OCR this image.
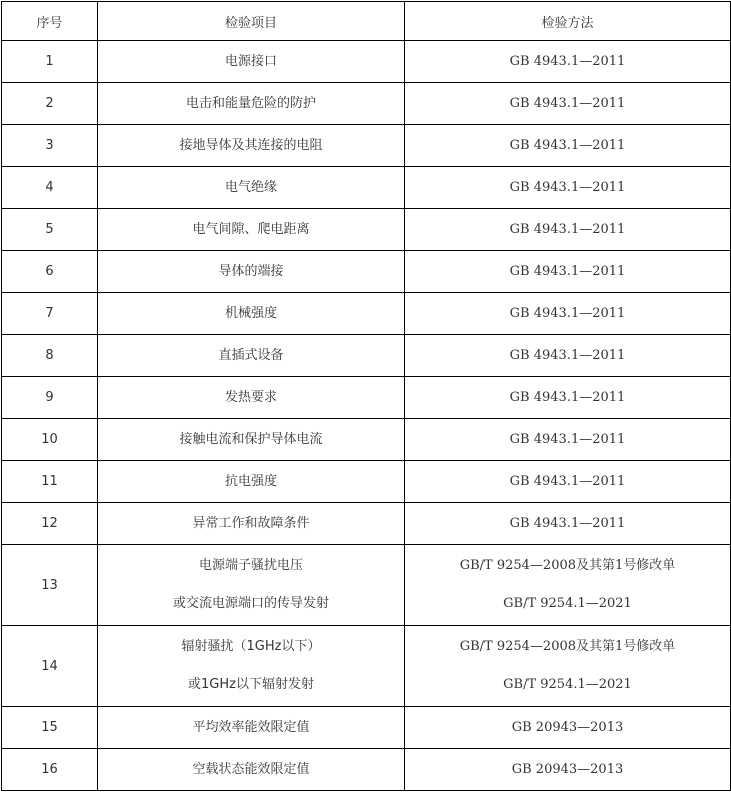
序号	检验项目	检验方法
1	电源接口	GB 4943.1—2011

2	电击和能量危险的防护	GB 4943.1—2011

3	接地导体及其连接的电阻	GB 4943.1—2011

4	电气绝缘	GB 4943.1—2011

5	电气间隙、爬电距离	GB 4943.1—2011

6	导体的端接	GB 4943.1—2011

7	机械强度	GB 4943.1—2011

8	直插式设备	GB 4943.1—2011

9	发热要求	GB 4943.1—2011

10	接触电流和保护导体电流	GB 4943.1—2011

11	抗电强度	GB 4943.1—2011

12	异常工作和故障条件	GB 4943.1—2011

13	电源端子骚扰电压
或交流电源端口的传导发射	GB/T 9254—2008及其第1号修改单
GB/T 9254.1—2021

14	辐射骚扰（1GHz以下）
或1GHz以下辐射发射	GB/T 9254—2008及其第1号修改单
GB/T 9254.1—2021

15	平均效率能效限定值	GB 20943—2013

16	空载状态能效限定值	GB 20943—2013
